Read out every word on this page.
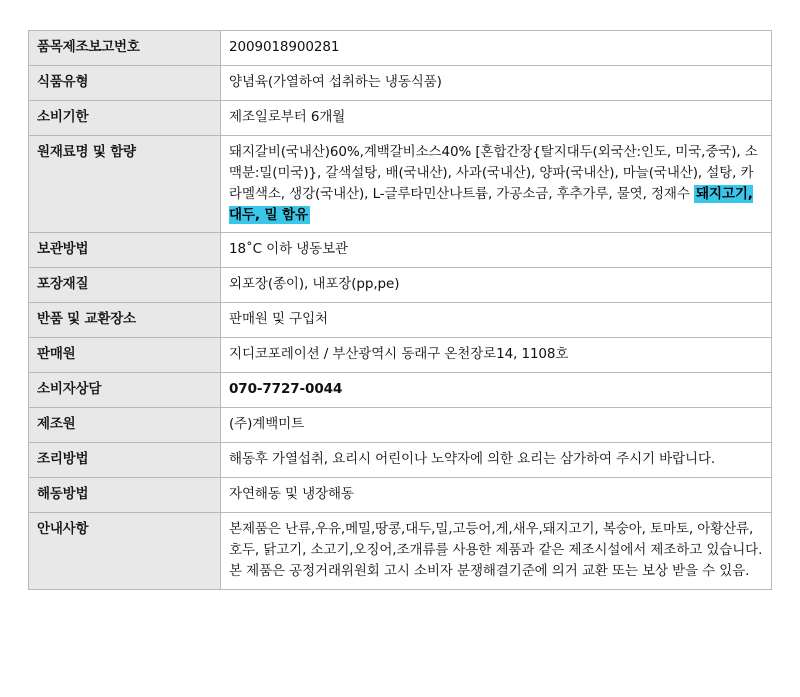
품목제조보고번호	2009018900281
식품유형	양념육(가열하여 섭취하는 냉동식품)
소비기한	제조일로부터 6개월
원재료명 및 함량	돼지갈비(국내산)60%,계백갈비소스40% [혼합간장{탈지대두(외국산:인도, 미국,중국), 소맥분:밀(미국)}, 갈색설탕, 배(국내산), 사과(국내산), 양파(국내산), 마늘(국내산), 설탕, 카라멜색소, 생강(국내산), L-글루타민산나트륨, 가공소금, 후추가루, 물엿, 정재수 돼지고기, 대두, 밀 함유
보관방법	18˚C 이하 냉동보관
포장재질	외포장(종이), 내포장(pp,pe)
반품 및 교환장소	판매원 및 구입처
판매원	지디코포레이션 / 부산광역시 동래구 온천장로14, 1108호
소비자상담	070-7727-0044
제조원	(주)계백미트
조리방법	해동후 가열섭취, 요리시 어린이나 노약자에 의한 요리는 삼가하여 주시기 바랍니다.
해동방법	자연해동 및 냉장해동
안내사항	본제품은 난류,우유,메밀,땅콩,대두,밀,고등어,게,새우,돼지고기, 복숭아, 토마토, 아황산류,호두, 닭고기, 소고기,오징어,조개류를 사용한 제품과 같은 제조시설에서 제조하고 있습니다.
본 제품은 공정거래위원회 고시 소비자 분쟁해결기준에 의거 교환 또는 보상 받을 수 있음.
